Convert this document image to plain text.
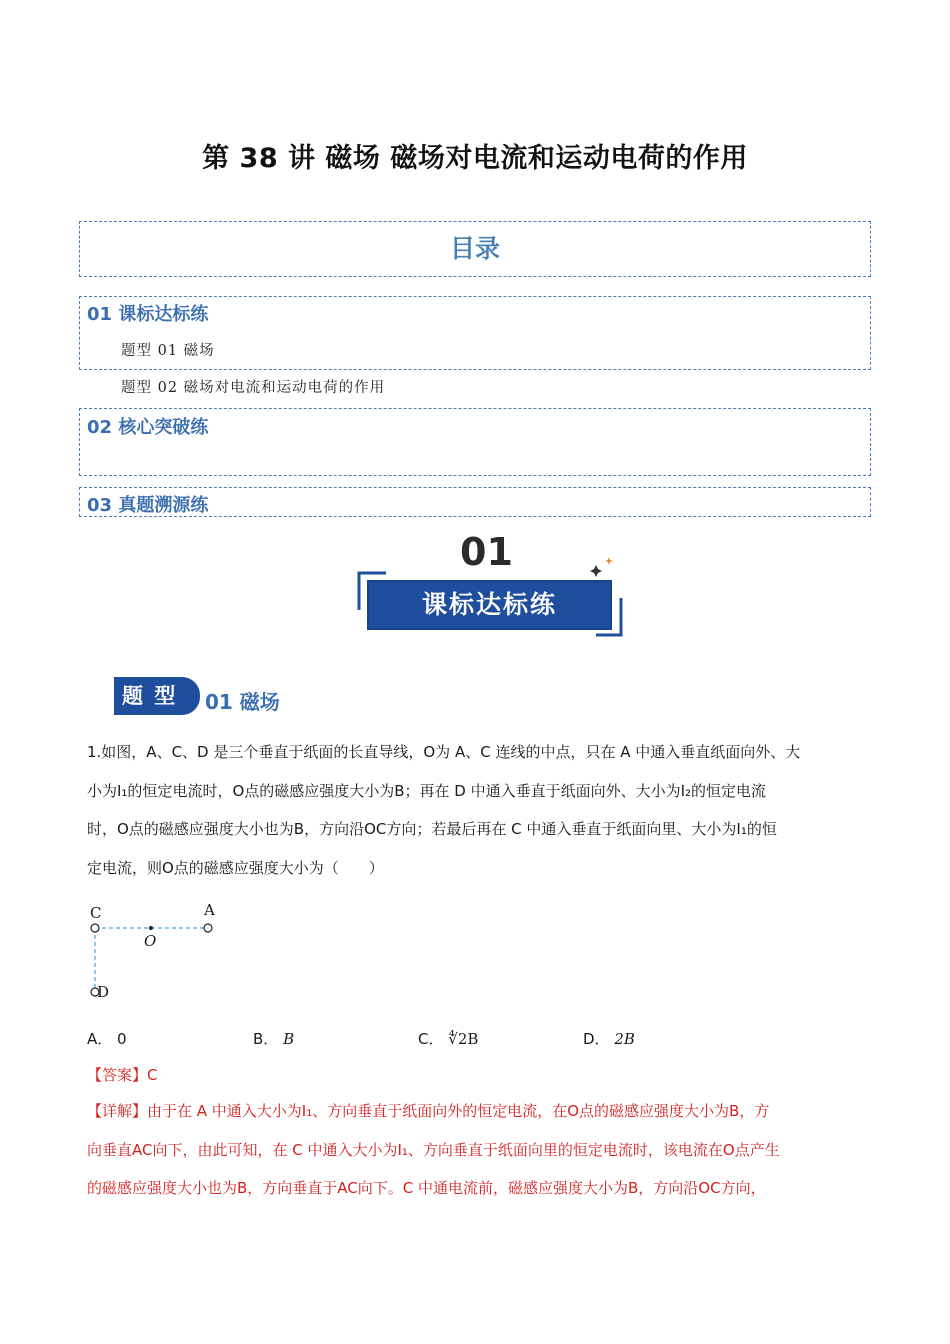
第 38 讲 磁场 磁场对电流和运动电荷的作用
目录
01 课标达标练
题型 01 磁场
题型 02 磁场对电流和运动电荷的作用
02 核心突破练
03 真题溯源练
01
课标达标练
题 型	01 磁场
1.如图，A、C、D 是三个垂直于纸面的长直导线，O为 A、C 连线的中点，只在 A 中通入垂直纸面向外、大
小为I₁的恒定电流时，O点的磁感应强度大小为B；再在 D 中通入垂直于纸面向外、大小为I₂的恒定电流
时，O点的磁感应强度大小也为B，方向沿OC方向；若最后再在 C 中通入垂直于纸面向里、大小为I₁的恒
定电流，则O点的磁感应强度大小为（　　）
C	A
O
D
A． 0	B． B	C． ∜2B	D． 2B
【答案】C
【详解】由于在 A 中通入大小为I₁、方向垂直于纸面向外的恒定电流，在O点的磁感应强度大小为B，方
向垂直AC向下，由此可知，在 C 中通入大小为I₁、方向垂直于纸面向里的恒定电流时，该电流在O点产生
的磁感应强度大小也为B，方向垂直于AC向下。C 中通电流前，磁感应强度大小为B，方向沿OC方向，
